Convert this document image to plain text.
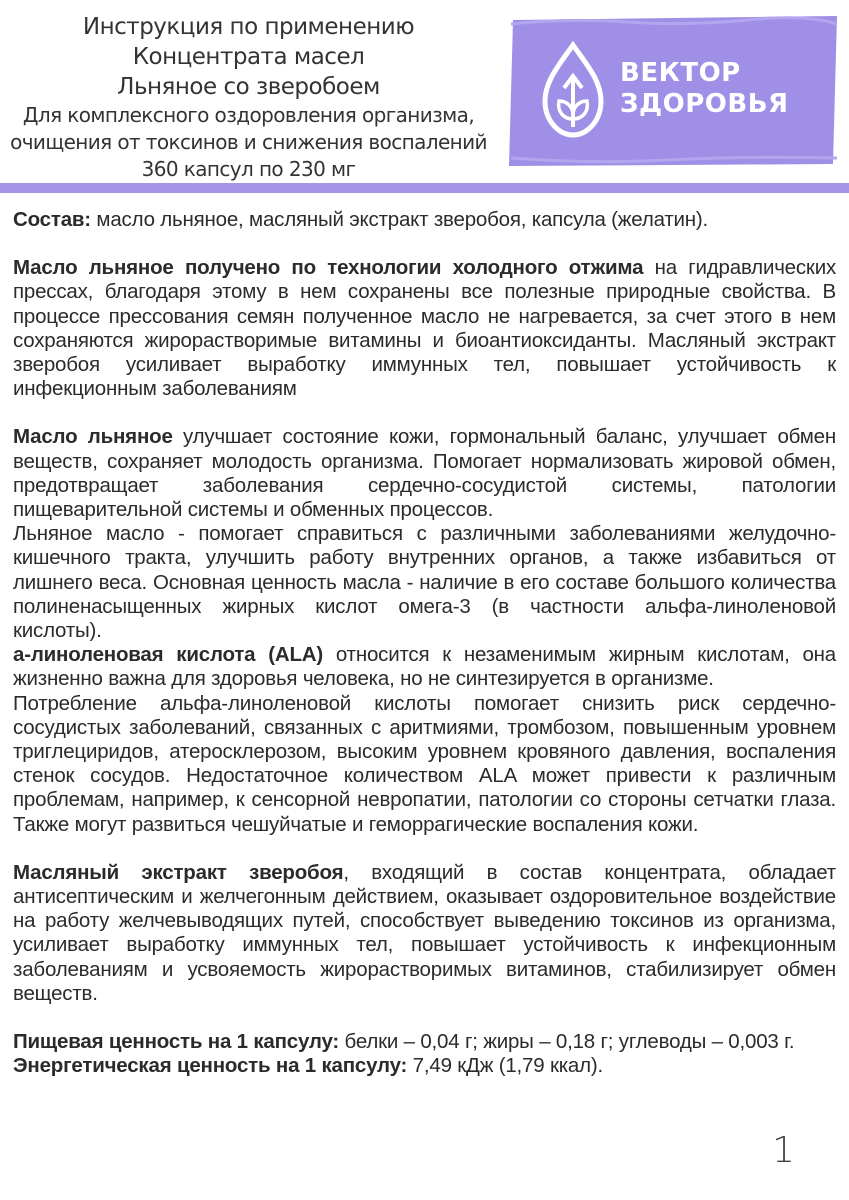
Инструкция по применению
Концентрата масел
Льняное со зверобоем
Для комплексного оздоровления организма,
очищения от токсинов и снижения воспалений
360 капсул по 230 мг
ВЕКТОР
ЗДОРОВЬЯ

Состав: масло льняное, масляный экстракт зверобоя, капсула (желатин).

Масло льняное получено по технологии холодного отжима на гидравлических прессах, благодаря этому в нем сохранены все полезные природные свойства. В процессе прессования семян полученное масло не нагревается, за счет этого в нем сохраняются жирорастворимые витамины и биоантиоксиданты. Масляный экстракт зверобоя усиливает выработку иммунных тел, повышает устойчивость к инфекционным заболеваниям

Масло льняное улучшает состояние кожи, гормональный баланс, улучшает обмен веществ, сохраняет молодость организма. Помогает нормализовать жировой обмен, предотвращает заболевания сердечно-сосудистой системы, патологии пищеварительной системы и обменных процессов.

Льняное масло - помогает справиться с различными заболеваниями желудочно-кишечного тракта, улучшить работу внутренних органов, а также избавиться от лишнего веса. Основная ценность масла - наличие в его составе большого количества полиненасыщенных жирных кислот омега-3 (в частности альфа-линоленовой кислоты).

а-линоленовая кислота (ALA) относится к незаменимым жирным кислотам, она жизненно важна для здоровья человека, но не синтезируется в организме.

Потребление альфа-линоленовой кислоты помогает снизить риск сердечно-сосудистых заболеваний, связанных с аритмиями, тромбозом, повышенным уровнем триглециридов, атеросклерозом, высоким уровнем кровяного давления, воспаления стенок сосудов. Недостаточное количеством ALA может привести к различным проблемам, например, к сенсорной невропатии, патологии со стороны сетчатки глаза. Также могут развиться чешуйчатые и геморрагические воспаления кожи.

Масляный экстракт зверобоя, входящий в состав концентрата, обладает антисептическим и желчегонным действием, оказывает оздоровительное воздействие на работу желчевыводящих путей, способствует выведению токсинов из организма, усиливает выработку иммунных тел, повышает устойчивость к инфекционным заболеваниям и усвояемость жирорастворимых витаминов, стабилизирует обмен веществ.

Пищевая ценность на 1 капсулу: белки – 0,04 г; жиры – 0,18 г; углеводы – 0,003 г.

Энергетическая ценность на 1 капсулу: 7,49 кДж (1,79 ккал).

1
